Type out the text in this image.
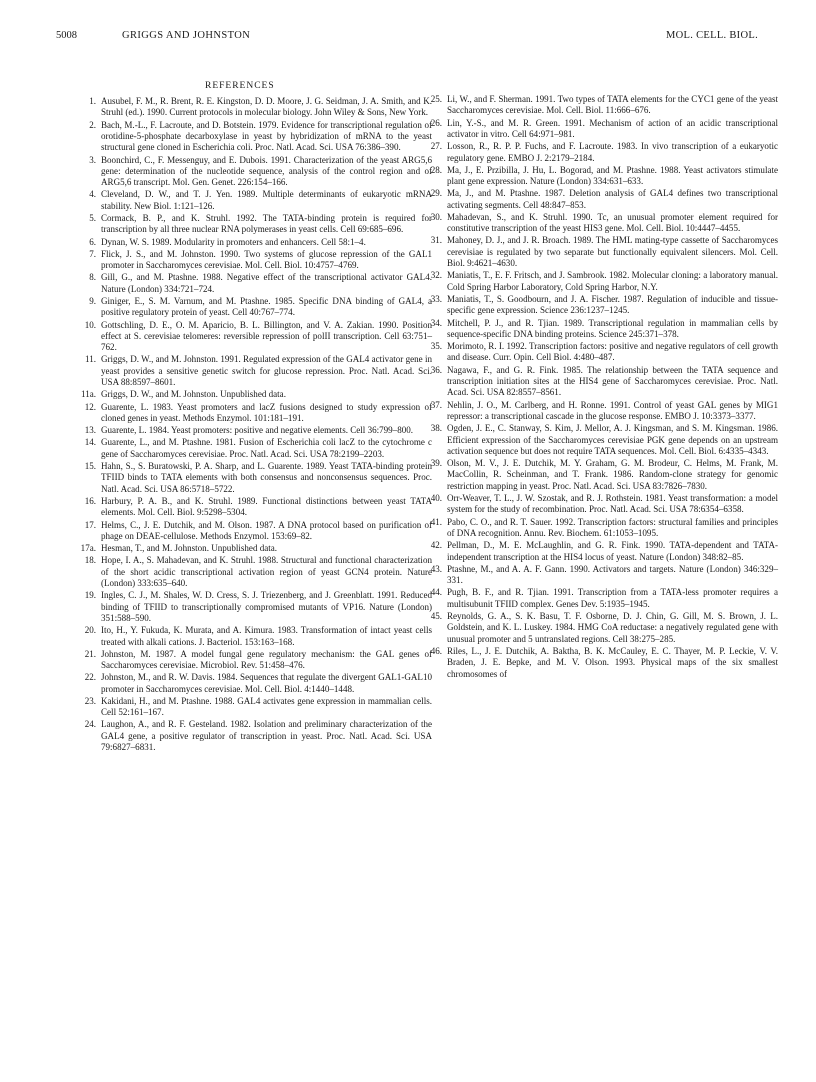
5008	GRIGGS AND JOHNSTON	MOL. CELL. BIOL.
REFERENCES
1. Ausubel, F. M., R. Brent, R. E. Kingston, D. D. Moore, J. G. Seidman, J. A. Smith, and K. Struhl (ed.). 1990. Current protocols in molecular biology. John Wiley & Sons, New York.
2. Bach, M.-L., F. Lacroute, and D. Botstein. 1979. Evidence for transcriptional regulation of orotidine-5-phosphate decarboxylase in yeast by hybridization of mRNA to the yeast structural gene cloned in Escherichia coli. Proc. Natl. Acad. Sci. USA 76:386–390.
3. Boonchird, C., F. Messenguy, and E. Dubois. 1991. Characterization of the yeast ARG5,6 gene: determination of the nucleotide sequence, analysis of the control region and of ARG5,6 transcript. Mol. Gen. Genet. 226:154–166.
4. Cleveland, D. W., and T. J. Yen. 1989. Multiple determinants of eukaryotic mRNA stability. New Biol. 1:121–126.
5. Cormack, B. P., and K. Struhl. 1992. The TATA-binding protein is required for transcription by all three nuclear RNA polymerases in yeast cells. Cell 69:685–696.
6. Dynan, W. S. 1989. Modularity in promoters and enhancers. Cell 58:1–4.
7. Flick, J. S., and M. Johnston. 1990. Two systems of glucose repression of the GAL1 promoter in Saccharomyces cerevisiae. Mol. Cell. Biol. 10:4757–4769.
8. Gill, G., and M. Ptashne. 1988. Negative effect of the transcriptional activator GAL4. Nature (London) 334:721–724.
9. Giniger, E., S. M. Varnum, and M. Ptashne. 1985. Specific DNA binding of GAL4, a positive regulatory protein of yeast. Cell 40:767–774.
10. Gottschling, D. E., O. M. Aparicio, B. L. Billington, and V. A. Zakian. 1990. Position effect at S. cerevisiae telomeres: reversible repression of polII transcription. Cell 63:751–762.
11. Griggs, D. W., and M. Johnston. 1991. Regulated expression of the GAL4 activator gene in yeast provides a sensitive genetic switch for glucose repression. Proc. Natl. Acad. Sci. USA 88:8597–8601.
11a. Griggs, D. W., and M. Johnston. Unpublished data.
12. Guarente, L. 1983. Yeast promoters and lacZ fusions designed to study expression of cloned genes in yeast. Methods Enzymol. 101:181–191.
13. Guarente, L. 1984. Yeast promoters: positive and negative elements. Cell 36:799–800.
14. Guarente, L., and M. Ptashne. 1981. Fusion of Escherichia coli lacZ to the cytochrome c gene of Saccharomyces cerevisiae. Proc. Natl. Acad. Sci. USA 78:2199–2203.
15. Hahn, S., S. Buratowski, P. A. Sharp, and L. Guarente. 1989. Yeast TATA-binding protein TFIID binds to TATA elements with both consensus and nonconsensus sequences. Proc. Natl. Acad. Sci. USA 86:5718–5722.
16. Harbury, P. A. B., and K. Struhl. 1989. Functional distinctions between yeast TATA elements. Mol. Cell. Biol. 9:5298–5304.
17. Helms, C., J. E. Dutchik, and M. Olson. 1987. A DNA protocol based on purification of phage on DEAE-cellulose. Methods Enzymol. 153:69–82.
17a. Hesman, T., and M. Johnston. Unpublished data.
18. Hope, I. A., S. Mahadevan, and K. Struhl. 1988. Structural and functional characterization of the short acidic transcriptional activation region of yeast GCN4 protein. Nature (London) 333:635–640.
19. Ingles, C. J., M. Shales, W. D. Cress, S. J. Triezenberg, and J. Greenblatt. 1991. Reduced binding of TFIID to transcriptionally compromised mutants of VP16. Nature (London) 351:588–590.
20. Ito, H., Y. Fukuda, K. Murata, and A. Kimura. 1983. Transformation of intact yeast cells treated with alkali cations. J. Bacteriol. 153:163–168.
21. Johnston, M. 1987. A model fungal gene regulatory mechanism: the GAL genes of Saccharomyces cerevisiae. Microbiol. Rev. 51:458–476.
22. Johnston, M., and R. W. Davis. 1984. Sequences that regulate the divergent GAL1-GAL10 promoter in Saccharomyces cerevisiae. Mol. Cell. Biol. 4:1440–1448.
23. Kakidani, H., and M. Ptashne. 1988. GAL4 activates gene expression in mammalian cells. Cell 52:161–167.
24. Laughon, A., and R. F. Gesteland. 1982. Isolation and preliminary characterization of the GAL4 gene, a positive regulator of transcription in yeast. Proc. Natl. Acad. Sci. USA 79:6827–6831.
25. Li, W., and F. Sherman. 1991. Two types of TATA elements for the CYC1 gene of the yeast Saccharomyces cerevisiae. Mol. Cell. Biol. 11:666–676.
26. Lin, Y.-S., and M. R. Green. 1991. Mechanism of action of an acidic transcriptional activator in vitro. Cell 64:971–981.
27. Losson, R., R. P. P. Fuchs, and F. Lacroute. 1983. In vivo transcription of a eukaryotic regulatory gene. EMBO J. 2:2179–2184.
28. Ma, J., E. Przibilla, J. Hu, L. Bogorad, and M. Ptashne. 1988. Yeast activators stimulate plant gene expression. Nature (London) 334:631–633.
29. Ma, J., and M. Ptashne. 1987. Deletion analysis of GAL4 defines two transcriptional activating segments. Cell 48:847–853.
30. Mahadevan, S., and K. Struhl. 1990. Tc, an unusual promoter element required for constitutive transcription of the yeast HIS3 gene. Mol. Cell. Biol. 10:4447–4455.
31. Mahoney, D. J., and J. R. Broach. 1989. The HML mating-type cassette of Saccharomyces cerevisiae is regulated by two separate but functionally equivalent silencers. Mol. Cell. Biol. 9:4621–4630.
32. Maniatis, T., E. F. Fritsch, and J. Sambrook. 1982. Molecular cloning: a laboratory manual. Cold Spring Harbor Laboratory, Cold Spring Harbor, N.Y.
33. Maniatis, T., S. Goodbourn, and J. A. Fischer. 1987. Regulation of inducible and tissue-specific gene expression. Science 236:1237–1245.
34. Mitchell, P. J., and R. Tjian. 1989. Transcriptional regulation in mammalian cells by sequence-specific DNA binding proteins. Science 245:371–378.
35. Morimoto, R. I. 1992. Transcription factors: positive and negative regulators of cell growth and disease. Curr. Opin. Cell Biol. 4:480–487.
36. Nagawa, F., and G. R. Fink. 1985. The relationship between the TATA sequence and transcription initiation sites at the HIS4 gene of Saccharomyces cerevisiae. Proc. Natl. Acad. Sci. USA 82:8557–8561.
37. Nehlin, J. O., M. Carlberg, and H. Ronne. 1991. Control of yeast GAL genes by MIG1 repressor: a transcriptional cascade in the glucose response. EMBO J. 10:3373–3377.
38. Ogden, J. E., C. Stanway, S. Kim, J. Mellor, A. J. Kingsman, and S. M. Kingsman. 1986. Efficient expression of the Saccharomyces cerevisiae PGK gene depends on an upstream activation sequence but does not require TATA sequences. Mol. Cell. Biol. 6:4335–4343.
39. Olson, M. V., J. E. Dutchik, M. Y. Graham, G. M. Brodeur, C. Helms, M. Frank, M. MacCollin, R. Scheinman, and T. Frank. 1986. Random-clone strategy for genomic restriction mapping in yeast. Proc. Natl. Acad. Sci. USA 83:7826–7830.
40. Orr-Weaver, T. L., J. W. Szostak, and R. J. Rothstein. 1981. Yeast transformation: a model system for the study of recombination. Proc. Natl. Acad. Sci. USA 78:6354–6358.
41. Pabo, C. O., and R. T. Sauer. 1992. Transcription factors: structural families and principles of DNA recognition. Annu. Rev. Biochem. 61:1053–1095.
42. Pellman, D., M. E. McLaughlin, and G. R. Fink. 1990. TATA-dependent and TATA-independent transcription at the HIS4 locus of yeast. Nature (London) 348:82–85.
43. Ptashne, M., and A. A. F. Gann. 1990. Activators and targets. Nature (London) 346:329–331.
44. Pugh, B. F., and R. Tjian. 1991. Transcription from a TATA-less promoter requires a multisubunit TFIID complex. Genes Dev. 5:1935–1945.
45. Reynolds, G. A., S. K. Basu, T. F. Osborne, D. J. Chin, G. Gill, M. S. Brown, J. L. Goldstein, and K. L. Luskey. 1984. HMG CoA reductase: a negatively regulated gene with unusual promoter and 5 untranslated regions. Cell 38:275–285.
46. Riles, L., J. E. Dutchik, A. Baktha, B. K. McCauley, E. C. Thayer, M. P. Leckie, V. V. Braden, J. E. Bepke, and M. V. Olson. 1993. Physical maps of the six smallest chromosomes of
